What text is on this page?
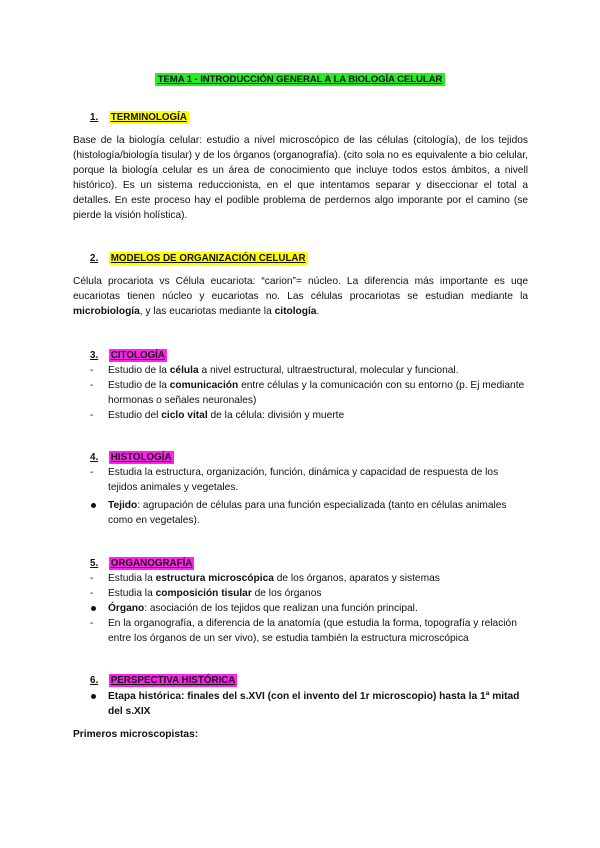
TEMA 1 - INTRODUCCIÓN GENERAL A LA BIOLOGÍA CELULAR
1. TERMINOLOGÍA
Base de la biología celular: estudio a nivel microscópico de las células (citología), de los tejidos (histología/biología tisular) y de los órganos (organografía). (cito sola no es equivalente a bio celular, porque la biología celular es un área de conocimiento que incluye todos estos ámbitos, a nivell histórico). Es un sistema reduccionista, en el que intentamos separar y diseccionar el total a detalles. En este proceso hay el podible problema de perdernos algo imporante por el camino (se pierde la visión holística).
2. MODELOS DE ORGANIZACIÓN CELULAR
Célula procariota vs Célula eucariota: “carion”= núcleo. La diferencia más importante es uqe eucariotas tienen núcleo y eucariotas no. Las células procariotas se estudian mediante la microbiología, y las eucariotas mediante la citología.
3. CITOLOGÍA
-	Estudio de la célula a nivel estructural, ultraestructural, molecular y funcional.
-	Estudio de la comunicación entre células y la comunicación con su entorno (p. Ej mediante hormonas o señales neuronales)
-	Estudio del ciclo vital de la célula: división y muerte
4. HISTOLOGÍA
-	Estudia la estructura, organización, función, dinámica y capacidad de respuesta de los tejidos animales y vegetales.
Tejido: agrupación de células para una función especializada (tanto en células animales como en vegetales).
5. ORGANOGRAFÍA
-	Estudia la estructura microscópica de los órganos, aparatos y sistemas
-	Estudia la composición tisular de los órganos
Órgano: asociación de los tejidos que realizan una función principal.
-	En la organografía, a diferencia de la anatomía (que estudia la forma, topografía y relación entre los órganos de un ser vivo), se estudia también la estructura microscópica
6. PERSPECTIVA HISTÓRICA
Etapa histórica: finales del s.XVI (con el invento del 1r microscopio) hasta la 1ª mitad del s.XIX
Primeros microscopistas:
